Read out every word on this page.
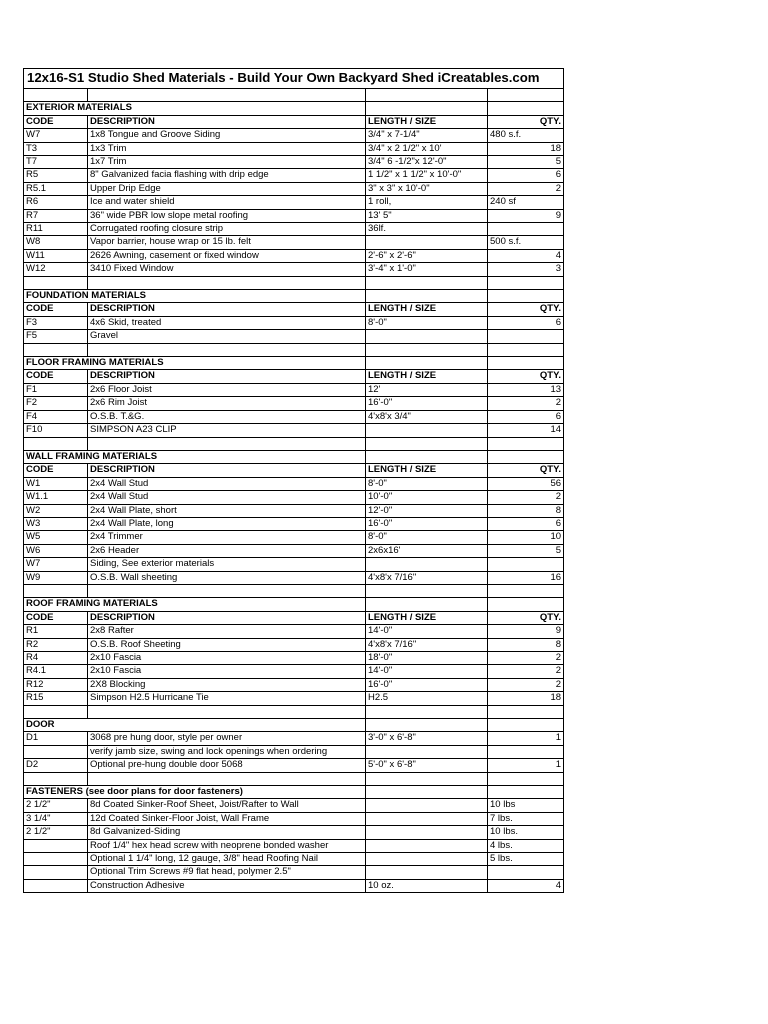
12x16-S1 Studio Shed Materials - Build Your Own Backyard Shed iCreatables.com			

EXTERIOR MATERIALS			
CODE	DESCRIPTION	LENGTH / SIZE	QTY.
W7	1x8 Tongue and Groove Siding	3/4" x 7-1/4"	480 s.f.
T3	1x3 Trim	3/4" x 2 1/2" x 10'	18
T7	1x7 Trim	3/4" 6 -1/2"x 12'-0"	5
R5	8" Galvanized facia flashing with drip edge	1 1/2" x 1 1/2" x 10'-0"	6
R5.1	Upper Drip Edge	3" x 3" x 10'-0"	2
R6	Ice and water shield	1 roll,	240 sf
R7	36" wide PBR low slope metal roofing	13' 5"	9
R11	Corrugated roofing closure strip	36lf.	
W8	Vapor barrier, house wrap or 15 lb. felt		500 s.f.
W11	2626 Awning, casement or fixed window	2'-6" x 2'-6"	4
W12	3410 Fixed Window	3'-4" x 1'-0"	3

FOUNDATION MATERIALS			
CODE	DESCRIPTION	LENGTH / SIZE	QTY.
F3	4x6 Skid, treated	8'-0"	6
F5	Gravel		

FLOOR FRAMING MATERIALS			
CODE	DESCRIPTION	LENGTH / SIZE	QTY.
F1	2x6 Floor Joist	12'	13
F2	2x6 Rim Joist	16'-0"	2
F4	O.S.B. T.&G.	4'x8'x 3/4"	6
F10	SIMPSON A23 CLIP		14

WALL FRAMING MATERIALS			
CODE	DESCRIPTION	LENGTH / SIZE	QTY.
W1	2x4 Wall Stud	8'-0"	56
W1.1	2x4 Wall Stud	10'-0"	2
W2	2x4 Wall Plate, short	12'-0"	8
W3	2x4 Wall Plate, long	16'-0"	6
W5	2x4 Trimmer	8'-0"	10
W6	2x6 Header	2x6x16'	5
W7	Siding, See exterior materials		
W9	O.S.B. Wall sheeting	4'x8'x 7/16"	16

ROOF FRAMING MATERIALS			
CODE	DESCRIPTION	LENGTH / SIZE	QTY.
R1	2x8 Rafter	14'-0"	9
R2	O.S.B. Roof Sheeting	4'x8'x 7/16"	8
R4	2x10 Fascia	18'-0"	2
R4.1	2x10 Fascia	14'-0"	2
R12	2X8 Blocking	16'-0"	2
R15	Simpson H2.5 Hurricane Tie	H2.5	18

DOOR			
D1	3068 pre hung door, style per owner	3'-0" x 6'-8"	1
	verify jamb size, swing and lock openings when ordering		
D2	Optional pre-hung double door 5068	5'-0" x 6'-8"	1

FASTENERS (see door plans for door fasteners)			
2 1/2"	8d Coated Sinker-Roof Sheet, Joist/Rafter to Wall		10 lbs
3 1/4"	12d Coated Sinker-Floor Joist, Wall Frame		7 lbs.
2 1/2"	8d Galvanized-Siding		10 lbs.
	Roof 1/4" hex head screw with neoprene bonded washer		4 lbs.
	Optional 1 1/4" long, 12 gauge, 3/8" head Roofing Nail		5 lbs.
	Optional Trim Screws #9 flat head, polymer 2.5"		
	Construction Adhesive	10 oz.	4
